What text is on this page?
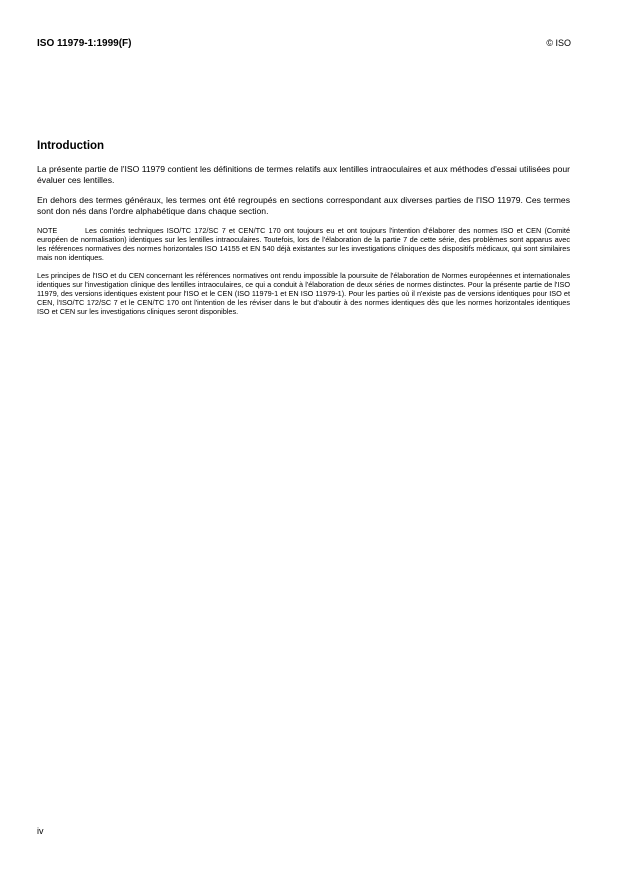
ISO 11979-1:1999(F)	© ISO
Introduction

La présente partie de l'ISO 11979 contient les définitions de termes relatifs aux lentilles intraoculaires et aux méthodes d'essai utilisées pour évaluer ces lentilles.

En dehors des termes généraux, les termes ont été regroupés en sections correspondant aux diverses parties de l'ISO 11979. Ces termes sont don nés dans l'ordre alphabétique dans chaque section.

NOTE	Les comités techniques ISO/TC 172/SC 7 et CEN/TC 170 ont toujours eu et ont toujours l'intention d'élaborer des normes ISO et CEN (Comité européen de normalisation) identiques sur les lentilles intraoculaires. Toutefois, lors de l'élaboration de la partie 7 de cette série, des problèmes sont apparus avec les références normatives des normes horizontales ISO 14155 et EN 540 déjà existantes sur les investigations cliniques des dispositifs médicaux, qui sont similaires mais non identiques.

Les principes de l'ISO et du CEN concernant les références normatives ont rendu impossible la poursuite de l'élaboration de Normes européennes et internationales identiques sur l'investigation clinique des lentilles intraoculaires, ce qui a conduit à l'élaboration de deux séries de normes distinctes. Pour la présente partie de l'ISO 11979, des versions identiques existent pour l'ISO et le CEN (ISO 11979-1 et EN ISO 11979-1). Pour les parties où il n'existe pas de versions identiques pour ISO et CEN, l'ISO/TC 172/SC 7 et le CEN/TC 170 ont l'intention de les réviser dans le but d'aboutir à des normes identiques dès que les normes horizontales identiques ISO et CEN sur les investigations cliniques seront disponibles.

iv
